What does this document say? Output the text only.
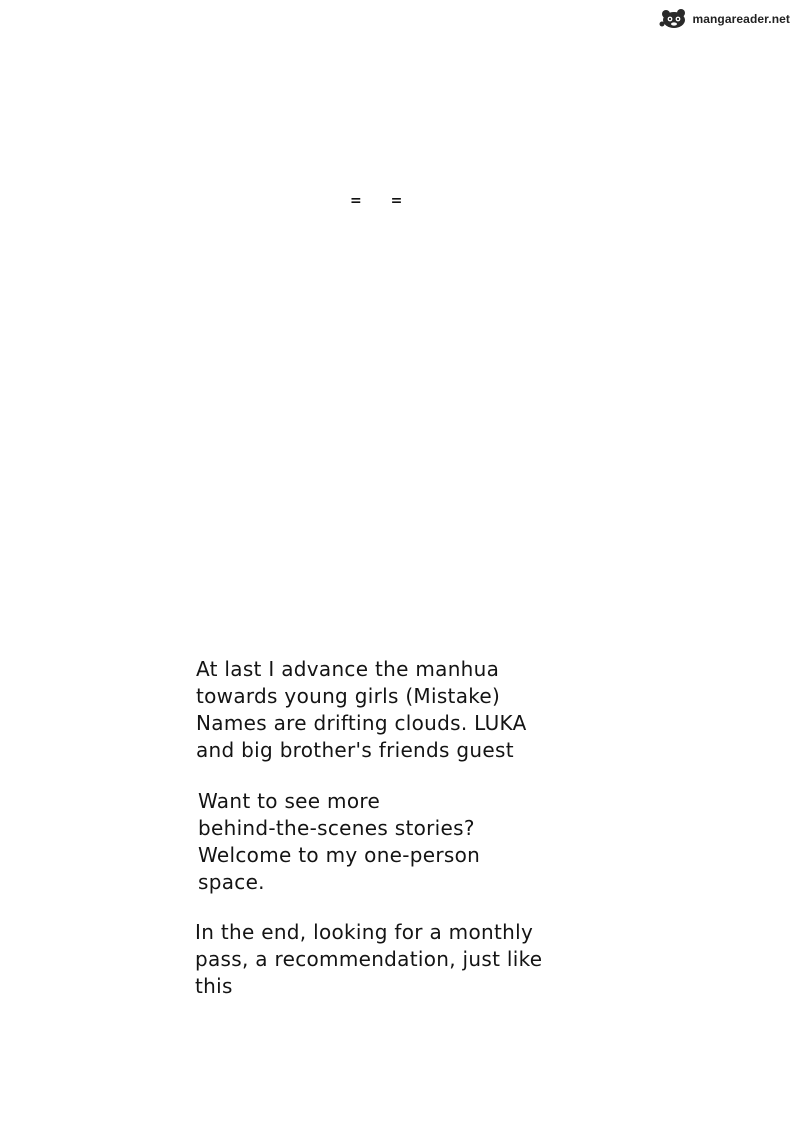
mangareader.net
= =
At last I advance the manhua
towards young girls (Mistake)
Names are drifting clouds. LUKA
and big brother's friends guest
Want to see more
behind-the-scenes stories?
Welcome to my one-person
space.
In the end, looking for a monthly
pass, a recommendation, just like
this
